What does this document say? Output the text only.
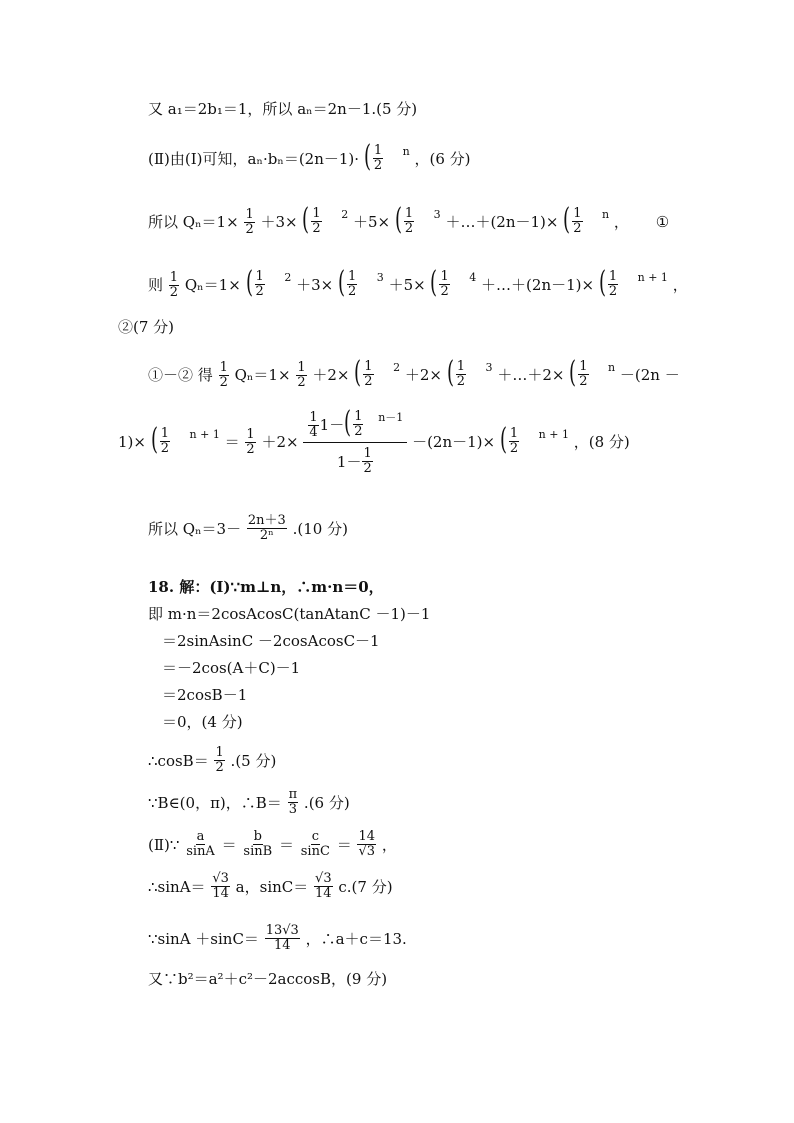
又 a₁＝2b₁＝1，所以 aₙ＝2n－1.(5 分)
(Ⅱ)由(Ⅰ)可知，aₙ·bₙ＝(2n－1)· ( $\frac{1}{2}$ n ，(6 分)
所以 $Q_n=1\times \frac{1}{2} +3\times$ ( $\frac{1}{2} 2 +5\times$ ( $\frac{1}{2} 3$ ＋…＋(2n－1)× ( $\frac{1}{2}$ n ， ①
则 $\frac{1}{2} Q_n=1\times$ ( $\frac{1}{2} 2 +3\times$ ( $\frac{1}{2} 3 +5\times$ ( $\frac{1}{2} 4$ ＋…＋(2n－1)× ( $\frac{1}{2}$ n + 1 ，
②(7 分)
①－② 得 $\frac{1}{2} Q_n=1\times \frac{1}{2} +2\times$ ( $\frac{1}{2} 2 +2\times$ ( $\frac{1}{2} 3$ ＋…＋2× ( $\frac{1}{2}$ n －(2n －
1)× ( $\frac{1}{2}$ $n + 1 = \frac{1}{2} +2\times \frac{\frac{1}{4} 1- ( \frac{1}{2} n-1}{1- \frac{1}{2}} -(2n-1)\times$ ( $\frac{1}{2}$ n + 1 ，(8 分)
所以 $Q_n=3- \frac{2n+3}{\text{2ⁿ}} .(10$ 分)
18. 解：(Ⅰ)∵m⊥n，∴m·n＝0，
即 m·n＝2cosAcosC(tanAtanC －1)－1
＝2sinAsinC －2cosAcosC－1
＝－2cos(A＋C)－1
＝2cosB－1
＝0，(4 分)
∴cosB＝ $\frac{1}{2} .(5$ 分)
∵B∈(0，π)，∴B＝ $\frac{\pi}{3} .(6$ 分)
(Ⅱ)∵ $\frac{a}{\sin A} = \frac{b}{\sin B} = \frac{c}{\sin C} = \frac{14}{√3}$ ，
∴sinA＝ $\frac{√3}{14}$ a，$\sin C= \frac{√3}{14} c.(7$ 分)
∵sinA $+\sin C= \frac{13√3}{14}$ ，∴a＋c＝13.
又∵b²＝a²＋c²－2accosB，(9 分)
